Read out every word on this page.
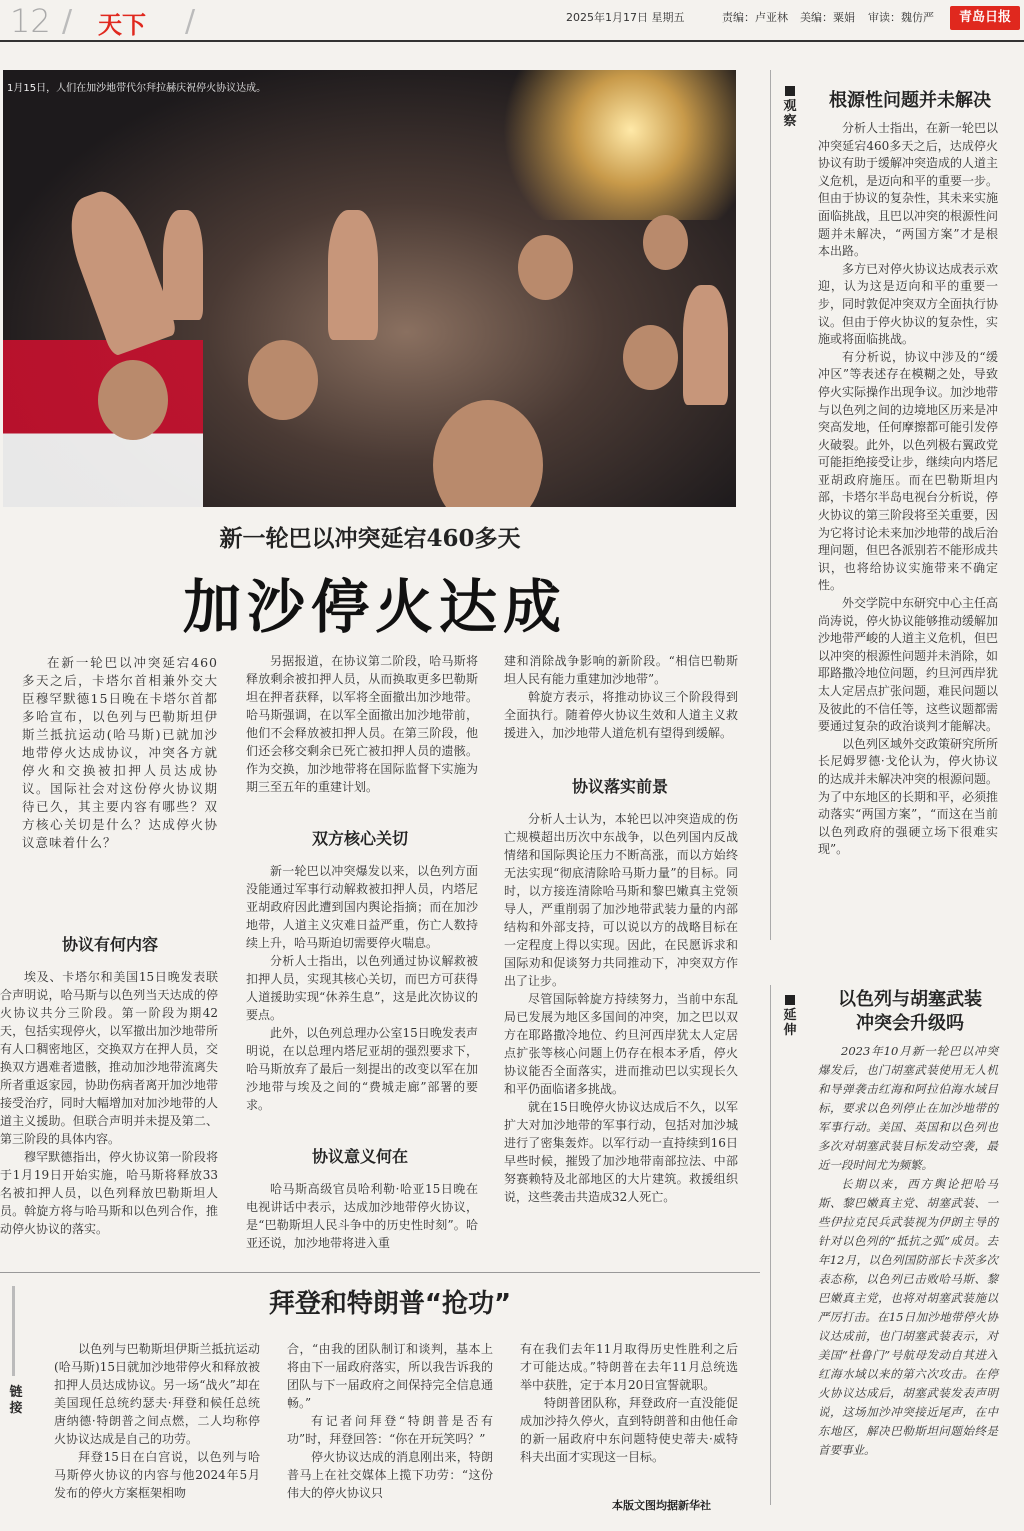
12 / 天下 /	2025年1月17日 星期五	责编：卢亚林 美编：粟娟 审读：魏仿严	青岛日报
1月15日，人们在加沙地带代尔拜拉赫庆祝停火协议达成。
新一轮巴以冲突延宕460多天
加沙停火达成

在新一轮巴以冲突延宕460多天之后，卡塔尔首相兼外交大臣穆罕默德15日晚在卡塔尔首都多哈宣布，以色列与巴勒斯坦伊斯兰抵抗运动(哈马斯)已就加沙地带停火达成协议，冲突各方就停火和交换被扣押人员达成协议。国际社会对这份停火协议期待已久，其主要内容有哪些？双方核心关切是什么？达成停火协议意味着什么？

协议有何内容

埃及、卡塔尔和美国15日晚发表联合声明说，哈马斯与以色列当天达成的停火协议共分三阶段。第一阶段为期42天，包括实现停火，以军撤出加沙地带所有人口稠密地区，交换双方在押人员，交换双方遇难者遗骸，推动加沙地带流离失所者重返家园，协助伤病者离开加沙地带接受治疗，同时大幅增加对加沙地带的人道主义援助。但联合声明并未提及第二、第三阶段的具体内容。

穆罕默德指出，停火协议第一阶段将于1月19日开始实施，哈马斯将释放33名被扣押人员，以色列释放巴勒斯坦人员。斡旋方将与哈马斯和以色列合作，推动停火协议的落实。

另据报道，在协议第二阶段，哈马斯将释放剩余被扣押人员，从而换取更多巴勒斯坦在押者获释，以军将全面撤出加沙地带。哈马斯强调，在以军全面撤出加沙地带前，他们不会释放被扣押人员。在第三阶段，他们还会移交剩余已死亡被扣押人员的遗骸。作为交换，加沙地带将在国际监督下实施为期三至五年的重建计划。

双方核心关切

新一轮巴以冲突爆发以来，以色列方面没能通过军事行动解救被扣押人员，内塔尼亚胡政府因此遭到国内舆论指摘；而在加沙地带，人道主义灾难日益严重，伤亡人数持续上升，哈马斯迫切需要停火喘息。

分析人士指出，以色列通过协议解救被扣押人员，实现其核心关切，而巴方可获得人道援助实现“休养生息”，这是此次协议的要点。

此外，以色列总理办公室15日晚发表声明说，在以总理内塔尼亚胡的强烈要求下，哈马斯放弃了最后一刻提出的改变以军在加沙地带与埃及之间的“费城走廊”部署的要求。

协议意义何在

哈马斯高级官员哈利勒·哈亚15日晚在电视讲话中表示，达成加沙地带停火协议，是“巴勒斯坦人民斗争中的历史性时刻”。哈亚还说，加沙地带将进入重

建和消除战争影响的新阶段。“相信巴勒斯坦人民有能力重建加沙地带”。

斡旋方表示，将推动协议三个阶段得到全面执行。随着停火协议生效和人道主义救援进入，加沙地带人道危机有望得到缓解。

协议落实前景

分析人士认为，本轮巴以冲突造成的伤亡规模超出历次中东战争，以色列国内反战情绪和国际舆论压力不断高涨，而以方始终无法实现“彻底清除哈马斯力量”的目标。同时，以方接连清除哈马斯和黎巴嫩真主党领导人，严重削弱了加沙地带武装力量的内部结构和外部支持，可以说以方的战略目标在一定程度上得以实现。因此，在民愿诉求和国际劝和促谈努力共同推动下，冲突双方作出了让步。

尽管国际斡旋方持续努力，当前中东乱局已发展为地区多国间的冲突，加之巴以双方在耶路撒冷地位、约旦河西岸犹太人定居点扩张等核心问题上仍存在根本矛盾，停火协议能否全面落实，进而推动巴以实现长久和平仍面临诸多挑战。

就在15日晚停火协议达成后不久，以军扩大对加沙地带的军事行动，包括对加沙城进行了密集轰炸。以军行动一直持续到16日早些时候，摧毁了加沙地带南部拉法、中部努赛赖特及北部地区的大片建筑。救援组织说，这些袭击共造成32人死亡。

观察
根源性问题并未解决

分析人士指出，在新一轮巴以冲突延宕460多天之后，达成停火协议有助于缓解冲突造成的人道主义危机，是迈向和平的重要一步。但由于协议的复杂性，其未来实施面临挑战，且巴以冲突的根源性问题并未解决，“两国方案”才是根本出路。

多方已对停火协议达成表示欢迎，认为这是迈向和平的重要一步，同时敦促冲突双方全面执行协议。但由于停火协议的复杂性，实施或将面临挑战。

有分析说，协议中涉及的“缓冲区”等表述存在模糊之处，导致停火实际操作出现争议。加沙地带与以色列之间的边境地区历来是冲突高发地，任何摩擦都可能引发停火破裂。此外，以色列极右翼政党可能拒绝接受让步，继续向内塔尼亚胡政府施压。而在巴勒斯坦内部，卡塔尔半岛电视台分析说，停火协议的第三阶段将至关重要，因为它将讨论未来加沙地带的战后治理问题，但巴各派别若不能形成共识，也将给协议实施带来不确定性。

外交学院中东研究中心主任高尚涛说，停火协议能够推动缓解加沙地带严峻的人道主义危机，但巴以冲突的根源性问题并未消除，如耶路撒冷地位问题，约旦河西岸犹太人定居点扩张问题，难民问题以及彼此的不信任等，这些议题都需要通过复杂的政治谈判才能解决。

以色列区域外交政策研究所所长尼姆罗德·戈伦认为，停火协议的达成并未解决冲突的根源问题。为了中东地区的长期和平，必须推动落实“两国方案”，“而这在当前以色列政府的强硬立场下很难实现”。

延伸
以色列与胡塞武装
冲突会升级吗

2023年10月新一轮巴以冲突爆发后，也门胡塞武装使用无人机和导弹袭击红海和阿拉伯海水域目标，要求以色列停止在加沙地带的军事行动。美国、英国和以色列也多次对胡塞武装目标发动空袭，最近一段时间尤为频繁。

长期以来，西方舆论把哈马斯、黎巴嫩真主党、胡塞武装、一些伊拉克民兵武装视为伊朗主导的针对以色列的“抵抗之弧”成员。去年12月，以色列国防部长卡茨多次表态称，以色列已击败哈马斯、黎巴嫩真主党，也将对胡塞武装施以严厉打击。在15日加沙地带停火协议达成前，也门胡塞武装表示，对美国“杜鲁门”号航母发动自其进入红海水域以来的第六次攻击。在停火协议达成后，胡塞武装发表声明说，这场加沙冲突接近尾声，在中东地区，解决巴勒斯坦问题始终是首要事业。

链接
拜登和特朗普“抢功”

以色列与巴勒斯坦伊斯兰抵抗运动(哈马斯)15日就加沙地带停火和释放被扣押人员达成协议。另一场“战火”却在美国现任总统约瑟夫·拜登和候任总统唐纳德·特朗普之间点燃，二人均称停火协议达成是自己的功劳。

拜登15日在白宫说，以色列与哈马斯停火协议的内容与他2024年5月发布的停火方案框架相吻

合，“由我的团队制订和谈判，基本上将由下一届政府落实，所以我告诉我的团队与下一届政府之间保持完全信息通畅。”

有记者问拜登“特朗普是否有功”时，拜登回答：“你在开玩笑吗？”

停火协议达成的消息刚出来，特朗普马上在社交媒体上揽下功劳：“这份伟大的停火协议只

有在我们去年11月取得历史性胜利之后才可能达成。”特朗普在去年11月总统选举中获胜，定于本月20日宣誓就职。

特朗普团队称，拜登政府一直没能促成加沙持久停火，直到特朗普和由他任命的新一届政府中东问题特使史蒂夫·威特科夫出面才实现这一目标。

本版文图均据新华社
